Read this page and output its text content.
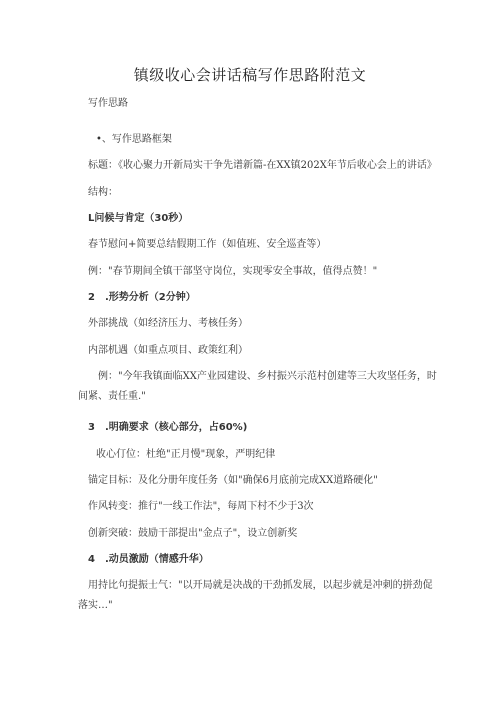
镇级收心会讲话稿写作思路附范文
写作思路
•、写作思路框架
标题：《收心聚力开新局实干争先谱新篇-在XX镇202X年节后收心会上的讲话》
结构：
L问候与肯定（30秒）
春节慰问+简要总结假期工作（如值班、安全巡査等）
例："春节期间全镇干部坚守岗位，实现零安全事故，值得点赞！"
2　.形势分析（2分钟）
外部挑战（如经济压力、考核任务）
内部机遇（如重点项目、政策红利）
例："今年我镇面临XX产业园建设、乡村振兴示范村创建等三大攻坚任务，时间紧、责任重."
3　.明确要求（核心部分，占60%)
收心仃位：杜绝"正月慢"现象，严明纪律
锚定目标：及化分册年度任务（如"确保6月底前完成XX道路硬化"
作风转变：推行"一线工作法"，每周下村不少于3次
创新突破：鼓励干部提出"金点子"，设立创新奖
4　.动员激励（情感升华）
用持比句提振士气："以开局就是决战的干劲抓发展，以起步就是冲刺的拼劲促落实…"
